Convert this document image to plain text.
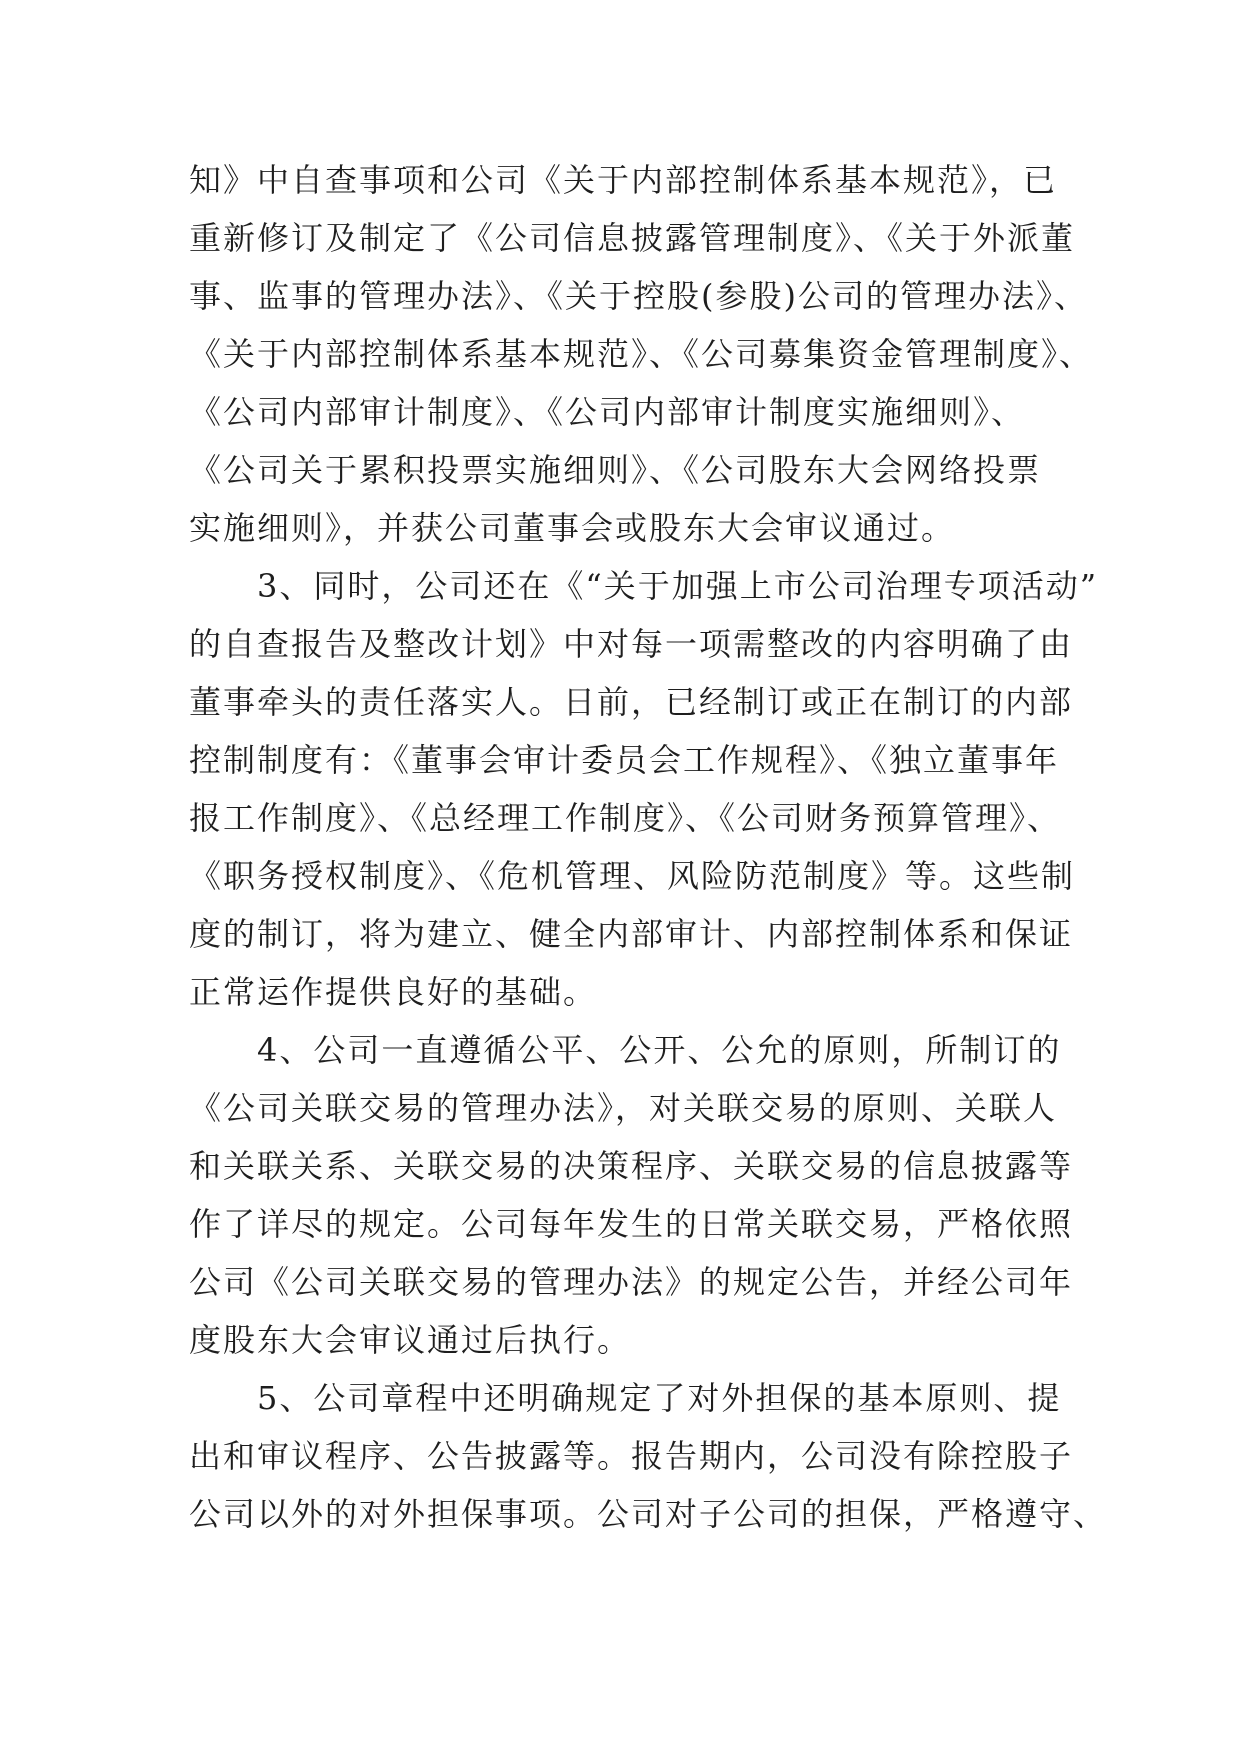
知》中自查事项和公司《关于内部控制体系基本规范》，已
重新修订及制定了《公司信息披露管理制度》、《关于外派董
事、监事的管理办法》、《关于控股(参股)公司的管理办法》、
《关于内部控制体系基本规范》、《公司募集资金管理制度》、
《公司内部审计制度》、《公司内部审计制度实施细则》、
《公司关于累积投票实施细则》、《公司股东大会网络投票
实施细则》，并获公司董事会或股东大会审议通过。
　　3、同时，公司还在《“关于加强上市公司治理专项活动”
的自查报告及整改计划》中对每一项需整改的内容明确了由
董事牵头的责任落实人。日前，已经制订或正在制订的内部
控制制度有：《董事会审计委员会工作规程》、《独立董事年
报工作制度》、《总经理工作制度》、《公司财务预算管理》、
《职务授权制度》、《危机管理、风险防范制度》等。这些制
度的制订，将为建立、健全内部审计、内部控制体系和保证
正常运作提供良好的基础。
　　4、公司一直遵循公平、公开、公允的原则，所制订的
《公司关联交易的管理办法》，对关联交易的原则、关联人
和关联关系、关联交易的决策程序、关联交易的信息披露等
作了详尽的规定。公司每年发生的日常关联交易，严格依照
公司《公司关联交易的管理办法》的规定公告，并经公司年
度股东大会审议通过后执行。
　　5、公司章程中还明确规定了对外担保的基本原则、提
出和审议程序、公告披露等。报告期内，公司没有除控股子
公司以外的对外担保事项。公司对子公司的担保，严格遵守、
